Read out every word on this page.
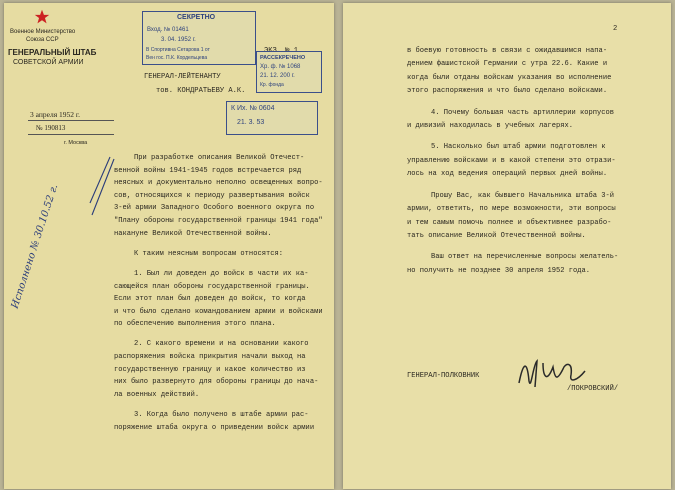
Военное Министерство
Союза ССР
ГЕНЕРАЛЬНЫЙ ШТАБ
СОВЕТСКОЙ АРМИИ
3 апреля 1952 г.
№ 190813
г. Москва
СЕКРЕТНО
Вход. № 01461
3. 04. 1952 г.
В Спортивна Сетарова 1 от
Вен гос. П.К. Кордельцева
ЭКЗ. № 1
ГЕНЕРАЛ-ЛЕЙТЕНАНТУ
тов. КОНДРАТЬЕВУ А.К.
РАССЕКРЕЧЕНО
Хр. ф. № 1068
21. 12. 200 г.
Кр. фонда
К Их. № 0604
21. 3. 53
Исполнено № 30.10.52 г.
При разработке описания Великой Отечест-
венной войны 1941-1945 годов встречается ряд
неясных и документально неполно освещенных вопро-
сов, относящихся к периоду развертывания войск
3-ей армии Западного Особого военного округа по
"Плану обороны государственной границы 1941 года"
накануне Великой Отечественной войны.
К таким неясным вопросам относятся:
1. Был ли доведен до войск в части их ка-
сающейся план обороны государственной границы.
Если этот план был доведен до войск, то когда
и что было сделано командованием армии и войсками
по обеспечению выполнения этого плана.
2. С какого времени и на основании какого
распоряжения войска прикрытия начали выход на
государственную границу и какое количество из
них было развернуто для обороны границы до нача-
ла военных действий.
3. Когда было получено в штабе армии рас-
поряжение штаба округа о приведении войск армии
2
в боевую готовность в связи с ожидавшимся напа-
дением фашистской Германии с утра 22.6. Какие и
когда были отданы войскам указания во исполнение
этого распоряжения и что было сделано войсками.
4. Почему большая часть артиллерии корпусов
и дивизий находилась в учебных лагерях.
5. Насколько был штаб армии подготовлен к
управлению войсками и в какой степени это отрази-
лось на ход ведения операций первых дней войны.
Прошу Вас, как бывшего Начальника штаба 3-й
армии, ответить, по мере возможности, эти вопросы
и тем самым помочь полнее и объективнее разрабо-
тать описание Великой Отечественной войны.
Ваш ответ на перечисленные вопросы желатель-
но получить не позднее 30 апреля 1952 года.
ГЕНЕРАЛ-ПОЛКОВНИК
/ПОКРОВСКИЙ/
